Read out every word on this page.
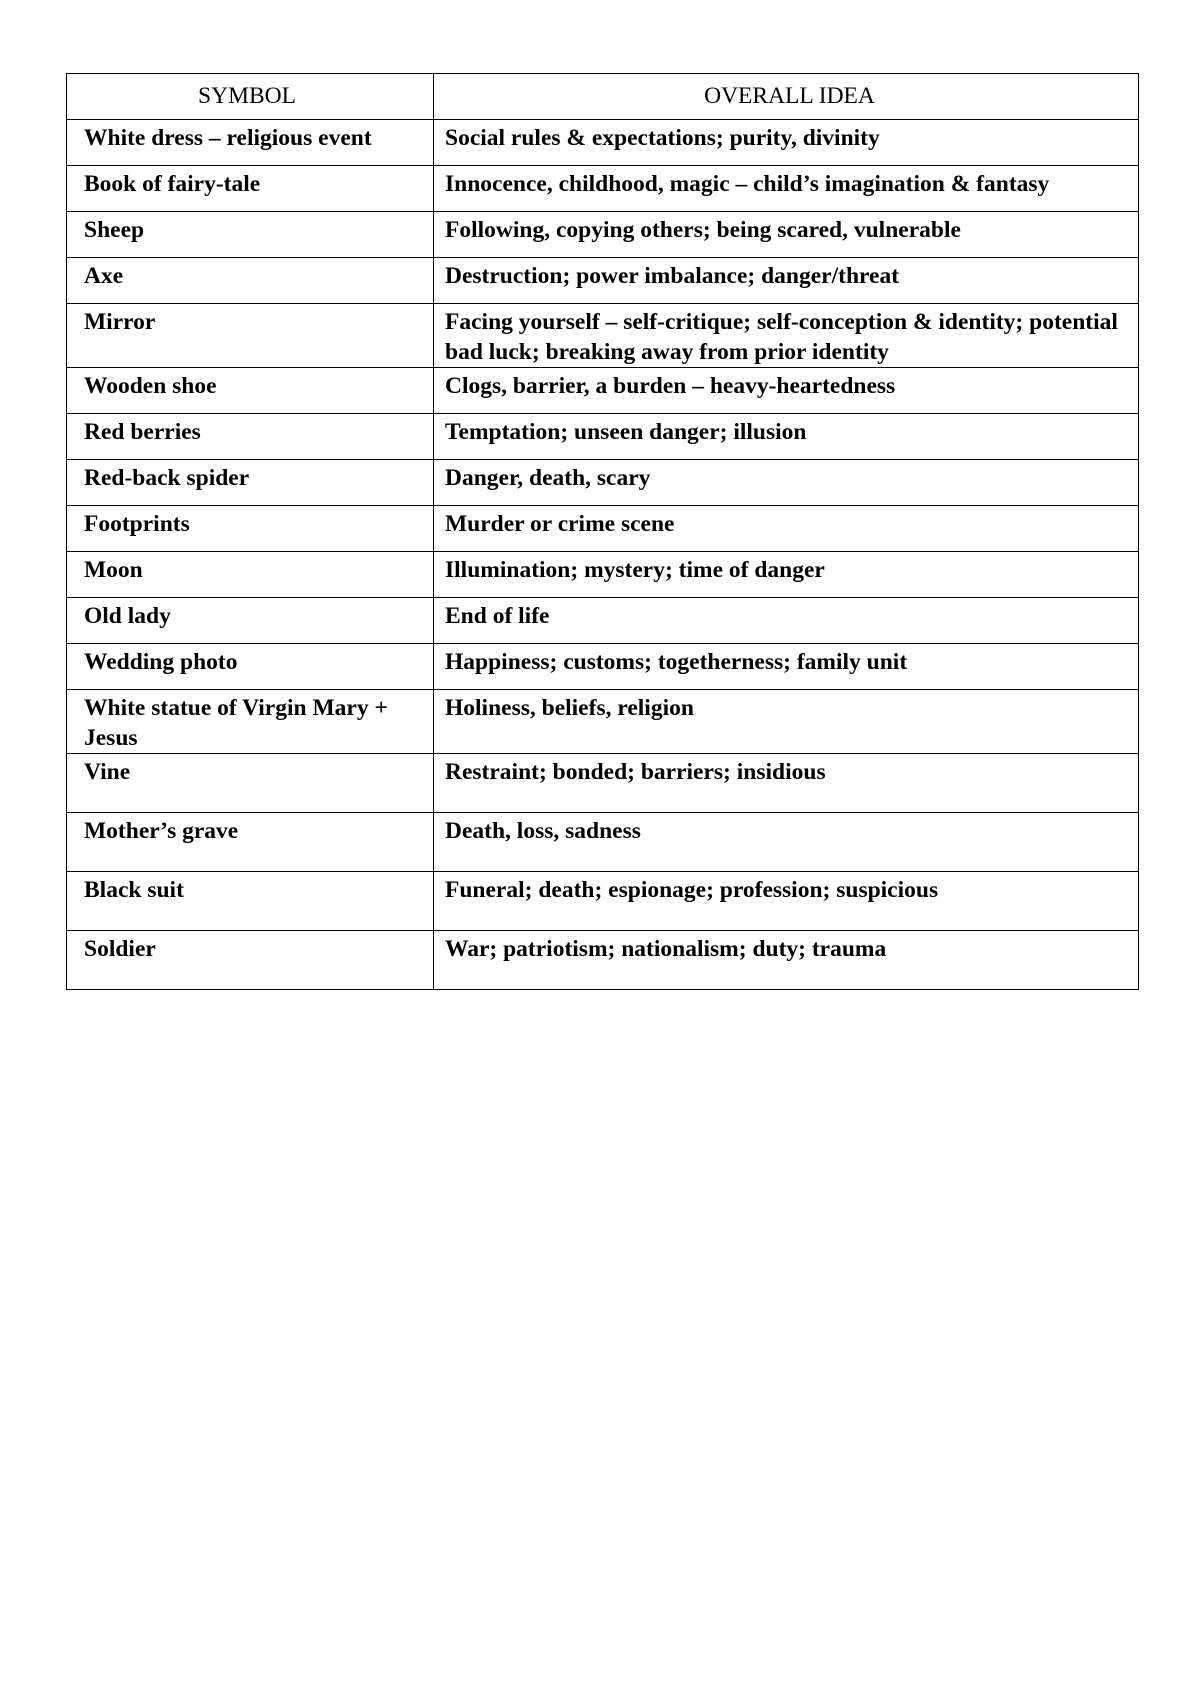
SYMBOL	OVERALL IDEA
White dress – religious event	Social rules & expectations; purity, divinity
Book of fairy-tale	Innocence, childhood, magic – child’s imagination & fantasy
Sheep	Following, copying others; being scared, vulnerable
Axe	Destruction; power imbalance; danger/threat
Mirror	Facing yourself – self-critique; self-conception & identity; potential bad luck; breaking away from prior identity
Wooden shoe	Clogs, barrier, a burden – heavy-heartedness
Red berries	Temptation; unseen danger; illusion
Red-back spider	Danger, death, scary
Footprints	Murder or crime scene
Moon	Illumination; mystery; time of danger
Old lady	End of life
Wedding photo	Happiness; customs; togetherness; family unit
White statue of Virgin Mary + Jesus	Holiness, beliefs, religion
Vine	Restraint; bonded; barriers; insidious
Mother’s grave	Death, loss, sadness
Black suit	Funeral; death; espionage; profession; suspicious
Soldier	War; patriotism; nationalism; duty; trauma
